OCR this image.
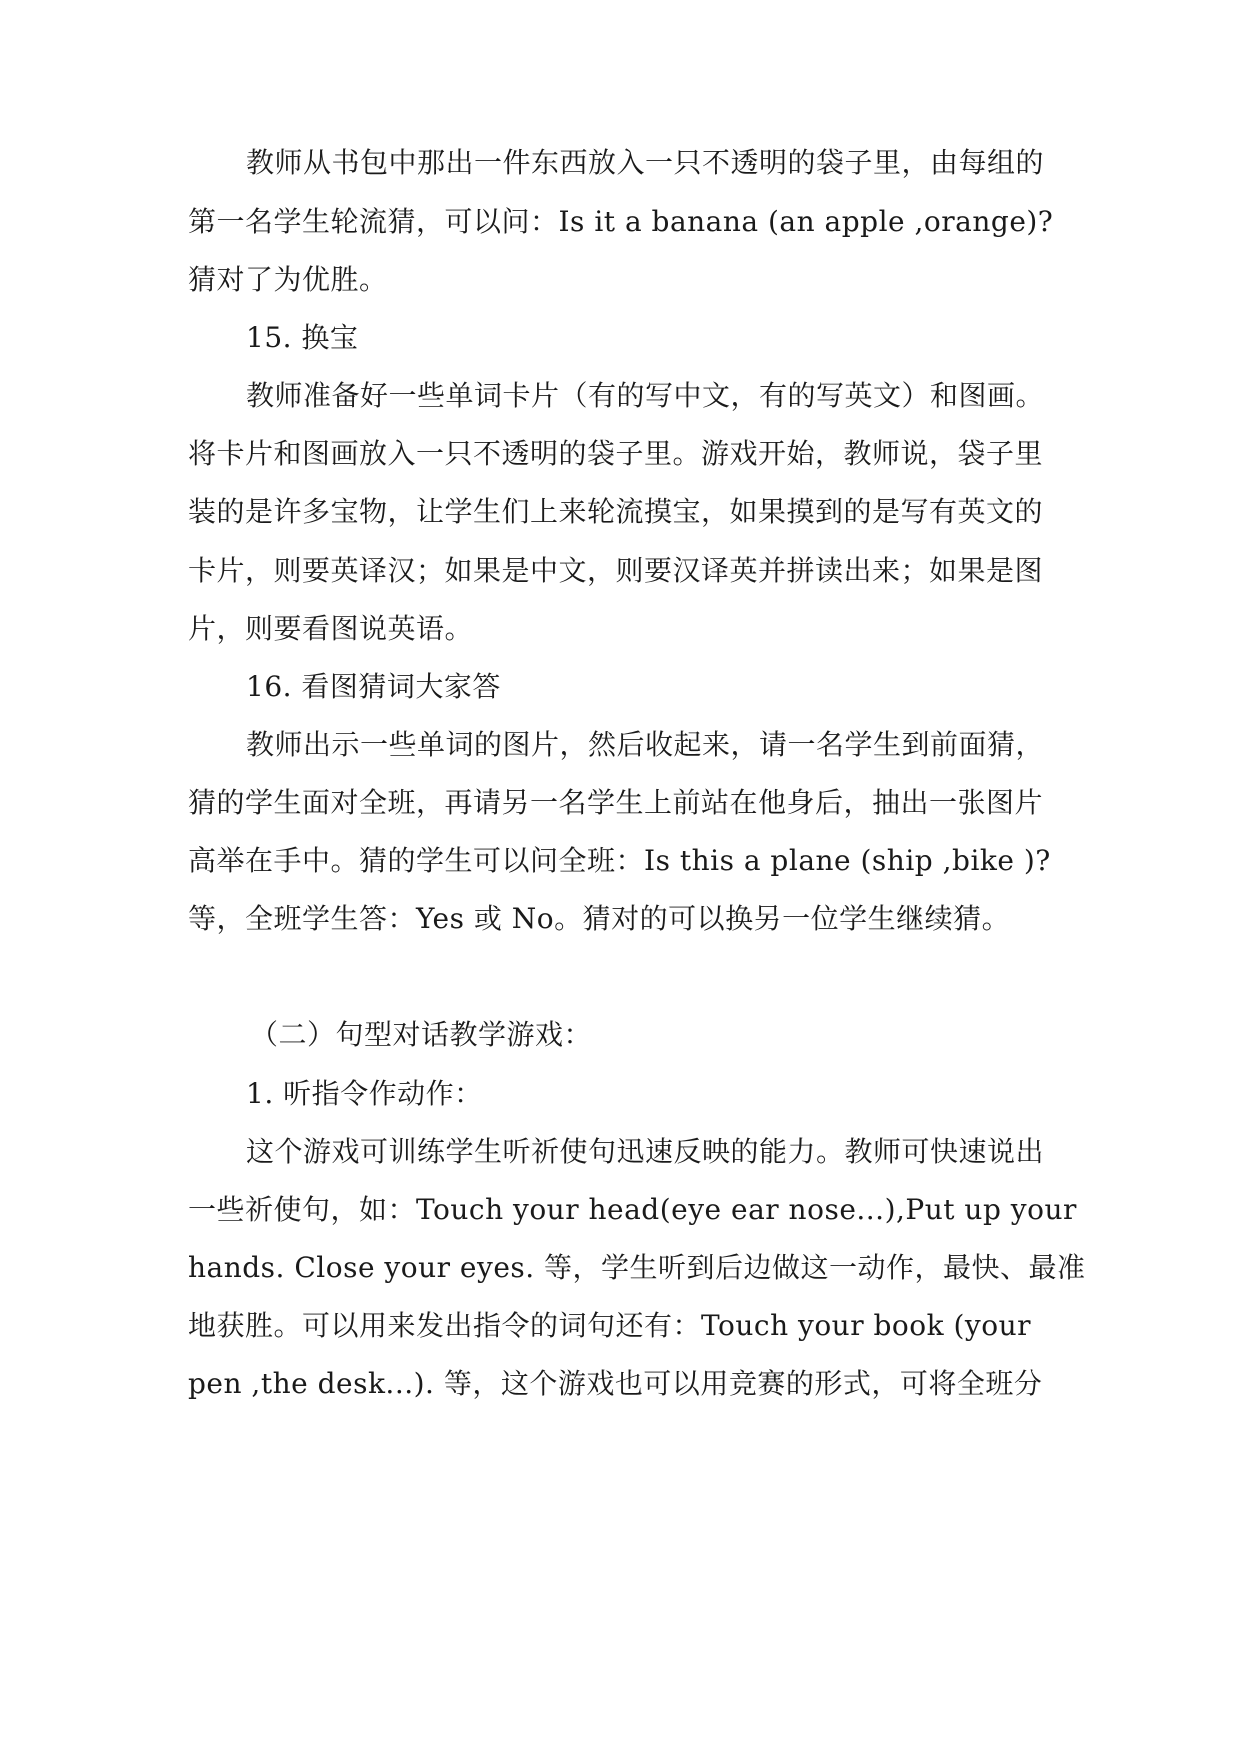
教师从书包中那出一件东西放入一只不透明的袋子里，由每组的
第一名学生轮流猜，可以问：Is it a banana (an apple ,orange)?
猜对了为优胜。
15. 换宝
教师准备好一些单词卡片（有的写中文，有的写英文）和图画。
将卡片和图画放入一只不透明的袋子里。游戏开始，教师说，袋子里
装的是许多宝物，让学生们上来轮流摸宝，如果摸到的是写有英文的
卡片，则要英译汉；如果是中文，则要汉译英并拼读出来；如果是图
片，则要看图说英语。
16. 看图猜词大家答
教师出示一些单词的图片，然后收起来，请一名学生到前面猜，
猜的学生面对全班，再请另一名学生上前站在他身后，抽出一张图片
高举在手中。猜的学生可以问全班：Is this a plane (ship ,bike )?
等，全班学生答：Yes 或 No。猜对的可以换另一位学生继续猜。
（二）句型对话教学游戏：
1. 听指令作动作：
这个游戏可训练学生听祈使句迅速反映的能力。教师可快速说出
一些祈使句，如：Touch your head(eye ear nose...),Put up your
hands. Close your eyes. 等，学生听到后边做这一动作，最快、最准
地获胜。可以用来发出指令的词句还有：Touch your book (your
pen ,the desk...). 等，这个游戏也可以用竞赛的形式，可将全班分
